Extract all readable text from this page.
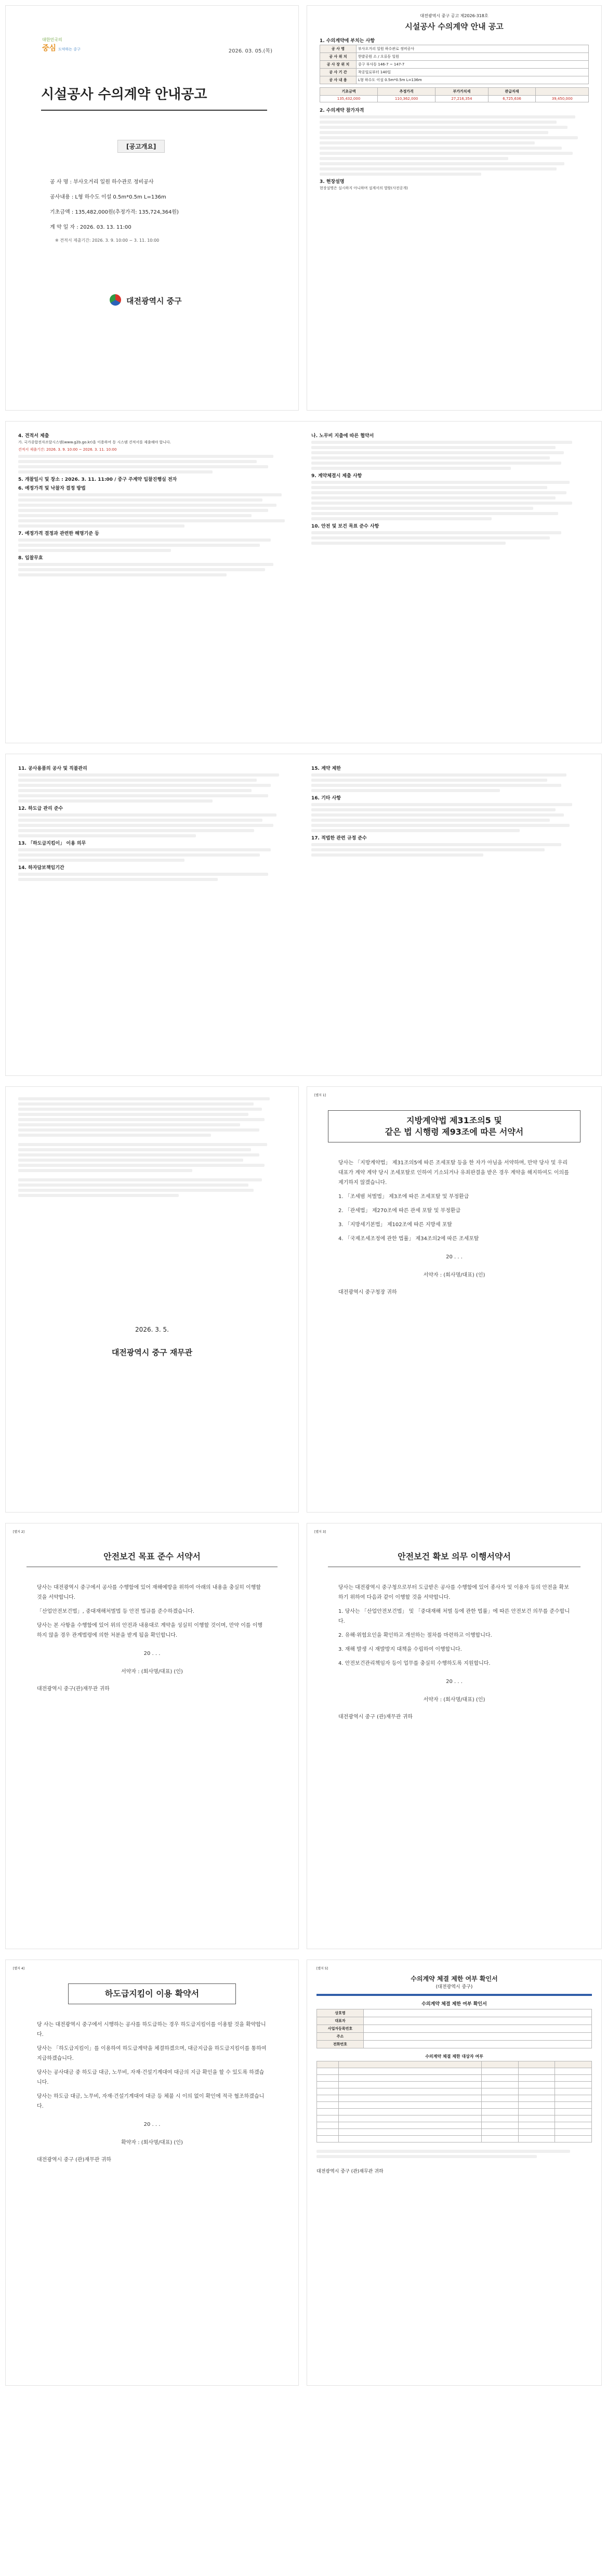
대한민국의
중심 도약하는 중구	2026. 03. 05.(목)
시설공사 수의계약 안내공고
[공고개요]
공 사 명 : 부사오거리 일원 하수관로 정비공사
공사내용 : L형 하수도 이설 0.5m*0.5m L=136m
기초금액 : 135,482,000원(추정가격: 135,724,364원)
계 약 일 자 : 2026. 03. 13. 11:00
※ 견적서 제출기간: 2026. 3. 9. 10:00 ~ 3. 11. 10:00
대전광역시 중구
대전광역시 중구 공고 제2026-318호
시설공사 수의계약 안내 공고
1. 수의계약에 부치는 사항
공 사 명	부사오거리 일원 하수관로 정비공사
공 사 위 치	한밭공원 소 / 오류동 일원
공 사 장 위 치	중구 부사동 146-7 ~ 147-7
공 사 기 간	착공일로부터 140일
공 사 내 용	L형 하수도 이설 0.5m*0.5m L=136m
기초금액	추정가격	부가가치세	관급자재	
135,432,000	110,362,000	27,216,354	6,725,636	39,450,000
2. 수의계약 참가자격
3. 현장설명
현장설명은 실시하지 아니하며 설계서의 열람(사전공개)
4. 견적서 제출
가. 국가종합전자조달시스템(www.g2b.go.kr)을 이용하여 동 시스템 견적서를 제출해야 합니다.
견적서 제출기간: 2026. 3. 9. 10:00 ~ 2026. 3. 11. 10:00
5. 개찰일시 및 장소 : 2026. 3. 11. 11:00 / 중구 주계약 입찰진행실 전자
6. 예정가격 및 낙찰자 결정 방법
7. 예정가격 결정과 관련한 해명기준 등
8. 입찰무효
나. 노무비 지출에 따른 협약서
9. 계약체결시 제출 사항
10. 안전 및 보건 목표 준수 사항
11. 공사용품의 공사 및 직불관리
12. 하도급 관리 준수
13. 「하도급지킴이」 이용 의무
14. 하자담보책임기간
15. 계약 제한
16. 기타 사항
17. 적법한 관련 규정 준수
2026. 3. 5.
대전광역시 중구 재무관
[별지 1]
지방계약법 제31조의5 및
같은 법 시행령 제93조에 따른 서약서
당사는 「지방계약법」 제31조의5에 따른 조세포탈 등을 한 자가 아님을 서약하며, 만약 당사 및 우리 대표가 계약 계약 당시 조세포탈로 인하여 기소되거나 유죄판결을 받은 경우 계약을 해지하여도 이의를 제기하지 않겠습니다.
1. 「조세범 처벌법」 제3조에 따른 조세포탈 및 부정환급
2. 「관세법」 제270조에 따른 관세 포탈 및 부정환급
3. 「지방세기본법」 제102조에 따른 지방세 포탈
4. 「국제조세조정에 관한 법률」 제34조의2에 따른 조세포탈
20 . . .
서약자 : (회사명/대표) (인)
대전광역시 중구청장 귀하
[별지 2]
안전보건 목표 준수 서약서
당사는 대전광역시 중구에서 공사를 수행함에 있어 재해예방을 위하여 아래의 내용을 충실히 이행할 것을 서약합니다.
「산업안전보건법」, 중대재해처벌법 등 안전 법규를 준수하겠습니다.
당사는 본 사항을 수행함에 있어 위의 안전과 내용대로 계약을 성실히 이행할 것이며, 만약 이를 이행하지 않을 경우 관계법령에 의한 처분을 받게 됨을 확인합니다.
20 . . .
서약자 : (회사명/대표) (인)
대전광역시 중구(관)재무관 귀하
[별지 3]
안전보건 확보 의무 이행서약서
당사는 대전광역시 중구청으로부터 도급받은 공사를 수행함에 있어 종사자 및 이용자 등의 안전을 확보하기 위하여 다음과 같이 이행할 것을 서약합니다.
1. 당사는 「산업안전보건법」 및 「중대재해 처벌 등에 관한 법률」에 따른 안전보건 의무를 준수합니다.
2. 유해·위험요인을 확인하고 개선하는 절차를 마련하고 이행합니다.
3. 재해 발생 시 재발방지 대책을 수립하여 이행합니다.
4. 안전보건관리책임자 등이 업무를 충실히 수행하도록 지원합니다.
20 . . .
서약자 : (회사명/대표) (인)
대전광역시 중구 (관)재무관 귀하
[별지 4]
하도급지킴이 이용 확약서
당 사는 대전광역시 중구에서 시행하는 공사를 하도급하는 경우 하도급지킴이를 이용할 것을 확약합니다.
당사는 「하도급지킴이」를 이용하여 하도급계약을 체결하겠으며, 대금지급을 하도급지킴이를 통하여 지급하겠습니다.
당사는 공사대금 중 하도급 대금, 노무비, 자재·건설기계대여 대금의 지급 확인을 할 수 있도록 하겠습니다.
당사는 하도급 대금, 노무비, 자재·건설기계대여 대금 등 체불 시 이의 없이 확인에 적극 협조하겠습니다.
20 . . .
확약자 : (회사명/대표) (인)
대전광역시 중구 (관)재무관 귀하
[별지 5]
수의계약 체결 제한 여부 확인서
(대전광역시 중구)
수의계약 체결 제한 여부 확인서
상호명	
대표자	
사업자등록번호	
주소	
전화번호	
수의계약 체결 제한 대상자 여부

대전광역시 중구 (관)재무관 귀하
